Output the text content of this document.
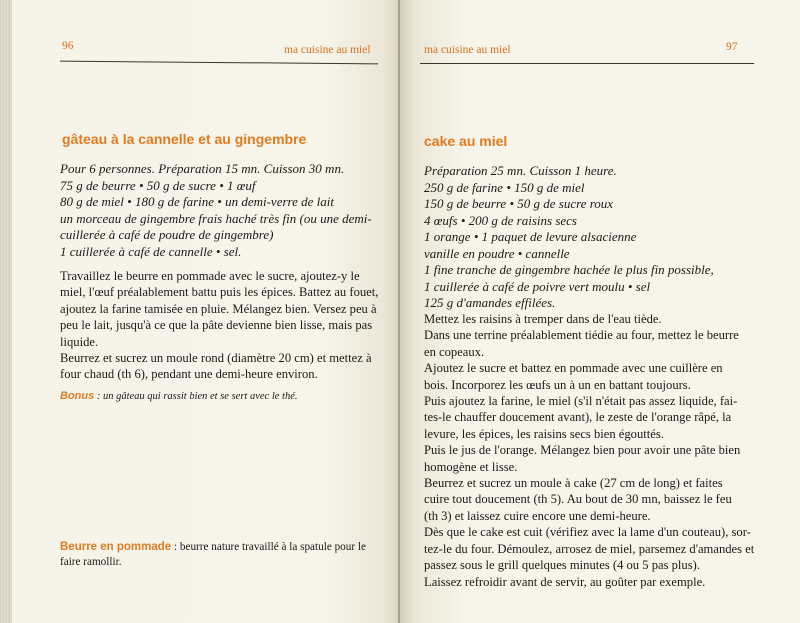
96	ma cuisine au miel
gâteau à la cannelle et au gingembre
Pour 6 personnes. Préparation 15 mn. Cuisson 30 mn.
75 g de beurre • 50 g de sucre • 1 œuf
80 g de miel • 180 g de farine • un demi-verre de lait
un morceau de gingembre frais haché très fin (ou une demi-
cuillerée à café de poudre de gingembre)
1 cuillerée à café de cannelle • sel.
Travaillez le beurre en pommade avec le sucre, ajoutez-y le
miel, l'œuf préalablement battu puis les épices. Battez au fouet,
ajoutez la farine tamisée en pluie. Mélangez bien. Versez peu à
peu le lait, jusqu'à ce que la pâte devienne bien lisse, mais pas
liquide.
Beurrez et sucrez un moule rond (diamètre 20 cm) et mettez à
four chaud (th 6), pendant une demi-heure environ.
Bonus : un gâteau qui rassit bien et se sert avec le thé.
Beurre en pommade : beurre nature travaillé à la spatule pour le
faire ramollir.
ma cuisine au miel	97
cake au miel
Préparation 25 mn. Cuisson 1 heure.
250 g de farine • 150 g de miel
150 g de beurre • 50 g de sucre roux
4 œufs • 200 g de raisins secs
1 orange • 1 paquet de levure alsacienne
vanille en poudre • cannelle
1 fine tranche de gingembre hachée le plus fin possible,
1 cuillerée à café de poivre vert moulu • sel
125 g d'amandes effilées.
Mettez les raisins à tremper dans de l'eau tiède.
Dans une terrine préalablement tiédie au four, mettez le beurre
en copeaux.
Ajoutez le sucre et battez en pommade avec une cuillère en
bois. Incorporez les œufs un à un en battant toujours.
Puis ajoutez la farine, le miel (s'il n'était pas assez liquide, fai-
tes-le chauffer doucement avant), le zeste de l'orange râpé, la
levure, les épices, les raisins secs bien égouttés.
Puis le jus de l'orange. Mélangez bien pour avoir une pâte bien
homogène et lisse.
Beurrez et sucrez un moule à cake (27 cm de long) et faites
cuire tout doucement (th 5). Au bout de 30 mn, baissez le feu
(th 3) et laissez cuire encore une demi-heure.
Dès que le cake est cuit (vérifiez avec la lame d'un couteau), sor-
tez-le du four. Démoulez, arrosez de miel, parsemez d'amandes et
passez sous le grill quelques minutes (4 ou 5 pas plus).
Laissez refroidir avant de servir, au goûter par exemple.
